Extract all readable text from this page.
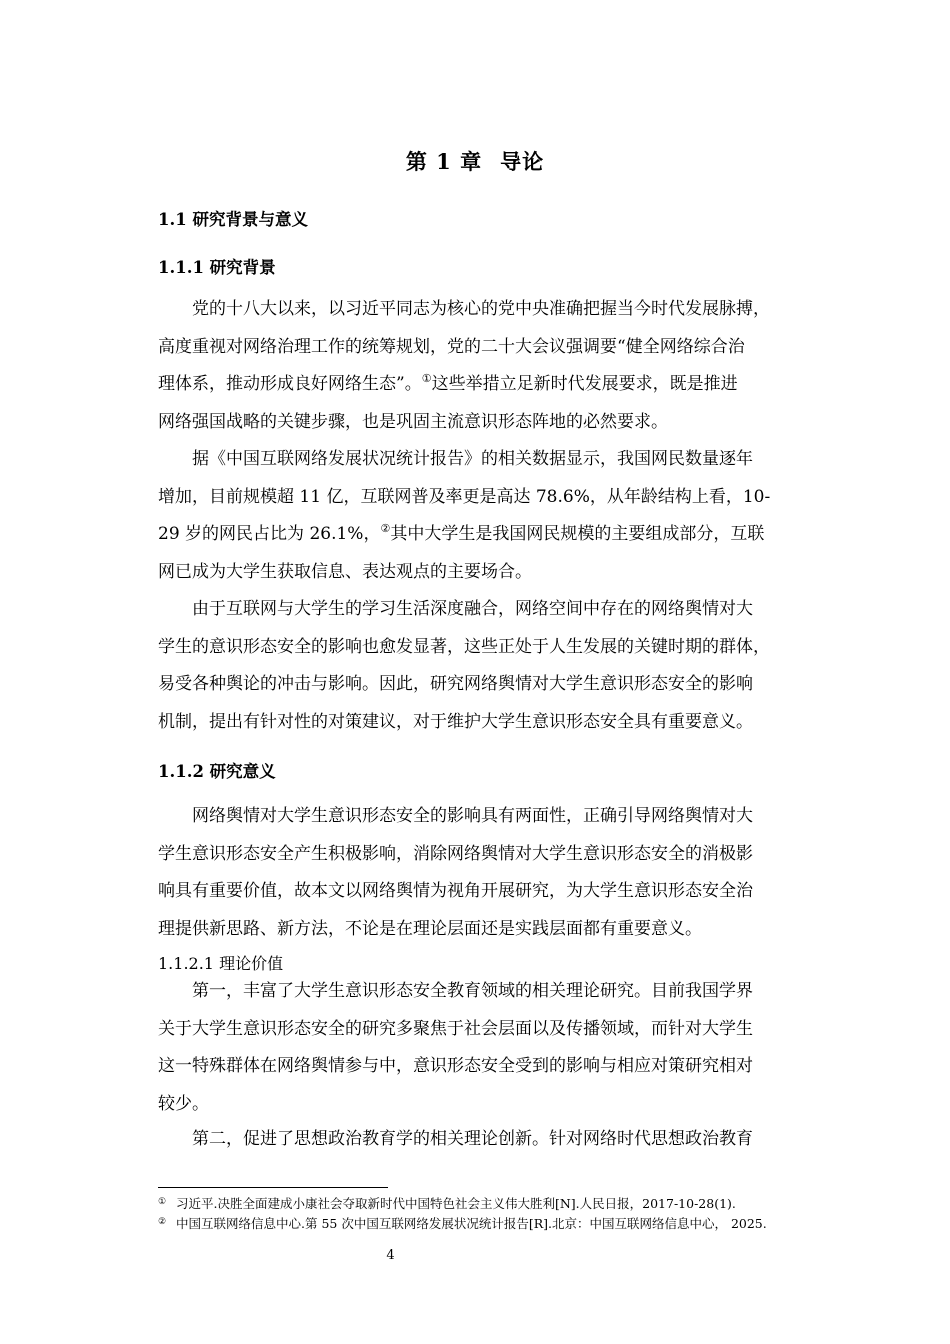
第 1 章 导论
1.1 研究背景与意义
1.1.1 研究背景
党的十八大以来，以习近平同志为核心的党中央准确把握当今时代发展脉搏，
高度重视对网络治理工作的统筹规划，党的二十大会议强调要“健全网络综合治
理体系，推动形成良好网络生态”。①这些举措立足新时代发展要求，既是推进
网络强国战略的关键步骤，也是巩固主流意识形态阵地的必然要求。
据《中国互联网络发展状况统计报告》的相关数据显示，我国网民数量逐年
增加，目前规模超 11 亿，互联网普及率更是高达 78.6%，从年龄结构上看，10-
29 岁的网民占比为 26.1%，②其中大学生是我国网民规模的主要组成部分，互联
网已成为大学生获取信息、表达观点的主要场合。
由于互联网与大学生的学习生活深度融合，网络空间中存在的网络舆情对大
学生的意识形态安全的影响也愈发显著，这些正处于人生发展的关键时期的群体，
易受各种舆论的冲击与影响。因此，研究网络舆情对大学生意识形态安全的影响
机制，提出有针对性的对策建议，对于维护大学生意识形态安全具有重要意义。
1.1.2 研究意义
网络舆情对大学生意识形态安全的影响具有两面性，正确引导网络舆情对大
学生意识形态安全产生积极影响，消除网络舆情对大学生意识形态安全的消极影
响具有重要价值，故本文以网络舆情为视角开展研究，为大学生意识形态安全治
理提供新思路、新方法，不论是在理论层面还是实践层面都有重要意义。
1.1.2.1 理论价值
第一，丰富了大学生意识形态安全教育领域的相关理论研究。目前我国学界
关于大学生意识形态安全的研究多聚焦于社会层面以及传播领域，而针对大学生
这一特殊群体在网络舆情参与中，意识形态安全受到的影响与相应对策研究相对
较少。
第二，促进了思想政治教育学的相关理论创新。针对网络时代思想政治教育
① 习近平.决胜全面建成小康社会夺取新时代中国特色社会主义伟大胜利[N].人民日报，2017-10-28(1).
② 中国互联网络信息中心.第 55 次中国互联网络发展状况统计报告[R].北京：中国互联网络信息中心， 2025.
4
